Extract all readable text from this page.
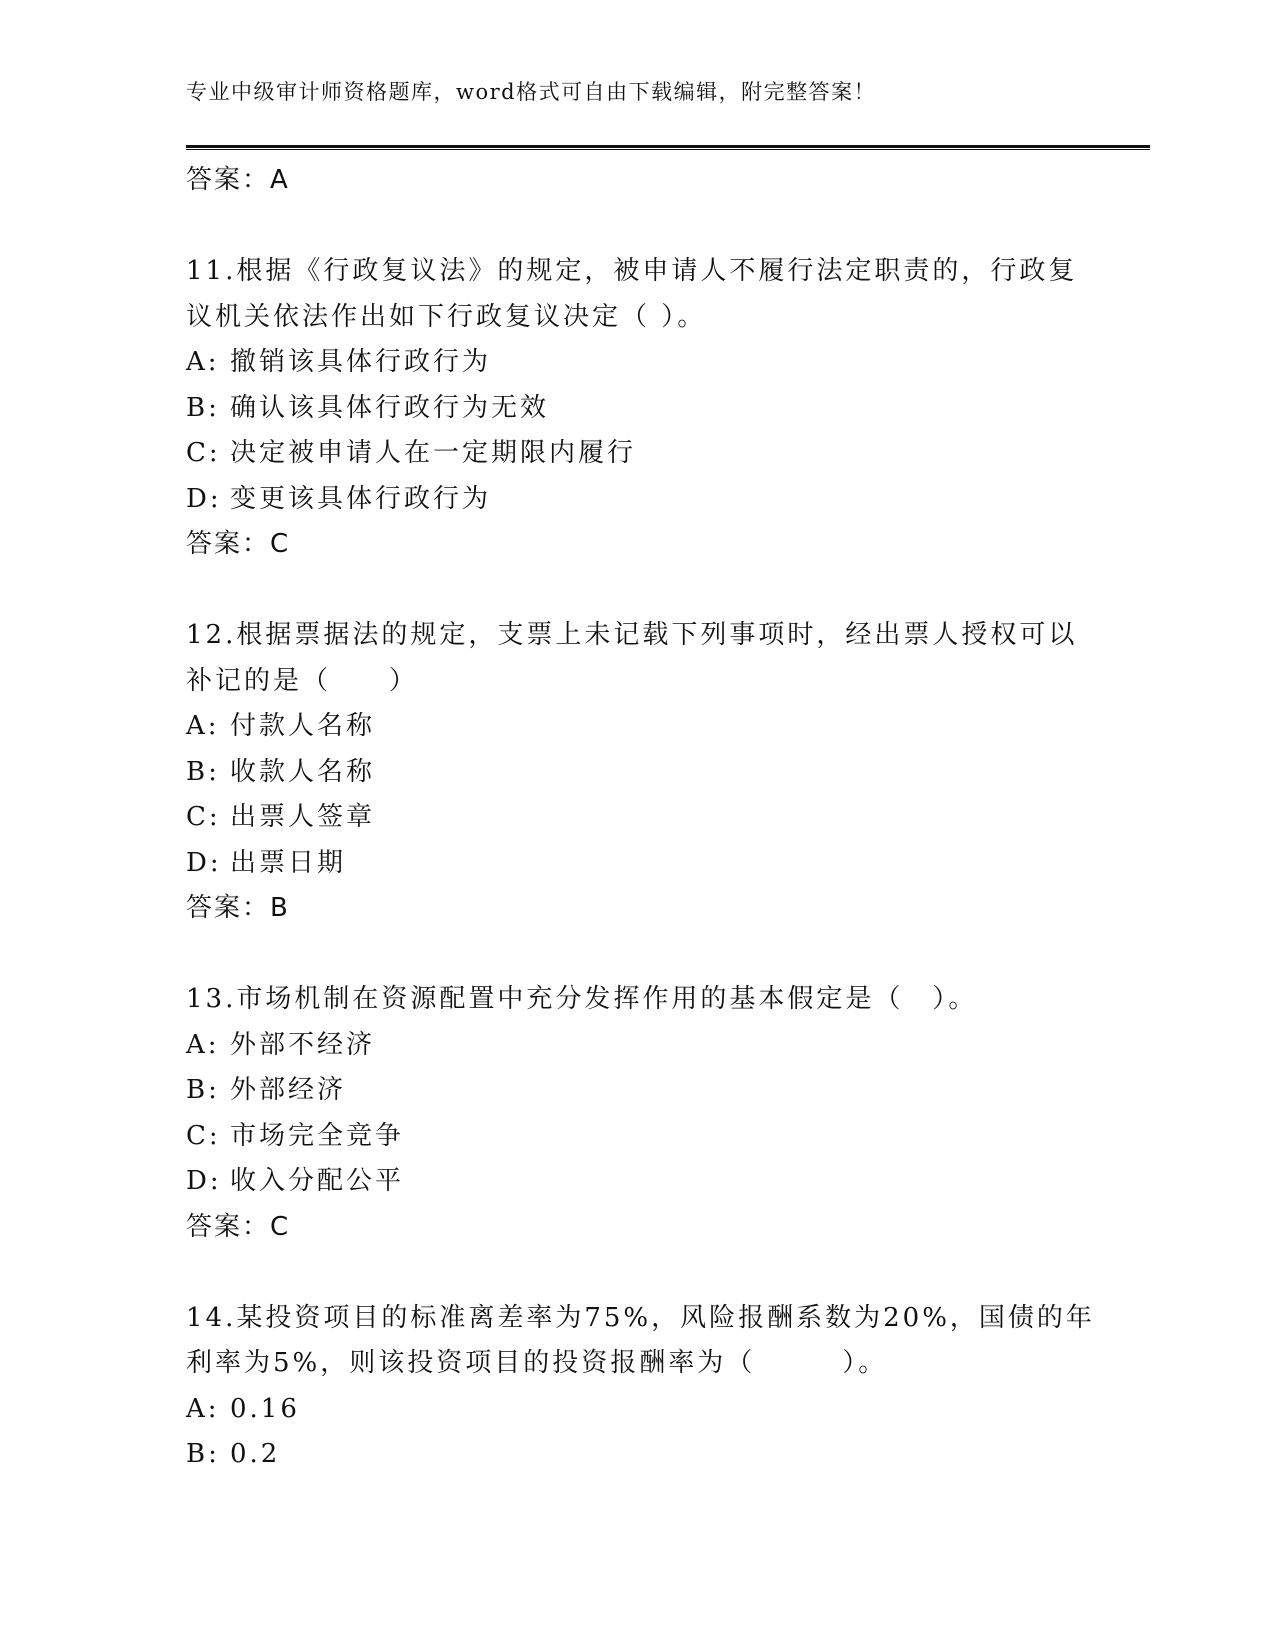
专业中级审计师资格题库，word格式可自由下载编辑，附完整答案！
答案：A
11.根据《行政复议法》的规定，被申请人不履行法定职责的，行政复
议机关依法作出如下行政复议决定（ ）。
A: 撤销该具体行政行为
B: 确认该具体行政行为无效
C: 决定被申请人在一定期限内履行
D: 变更该具体行政行为
答案：C
12.根据票据法的规定，支票上未记载下列事项时，经出票人授权可以
补记的是（　　）
A: 付款人名称
B: 收款人名称
C: 出票人签章
D: 出票日期
答案：B
13.市场机制在资源配置中充分发挥作用的基本假定是（　）。
A: 外部不经济
B: 外部经济
C: 市场完全竞争
D: 收入分配公平
答案：C
14.某投资项目的标准离差率为75%，风险报酬系数为20%，国债的年
利率为5%，则该投资项目的投资报酬率为（　　　）。
A: 0.16
B: 0.2
